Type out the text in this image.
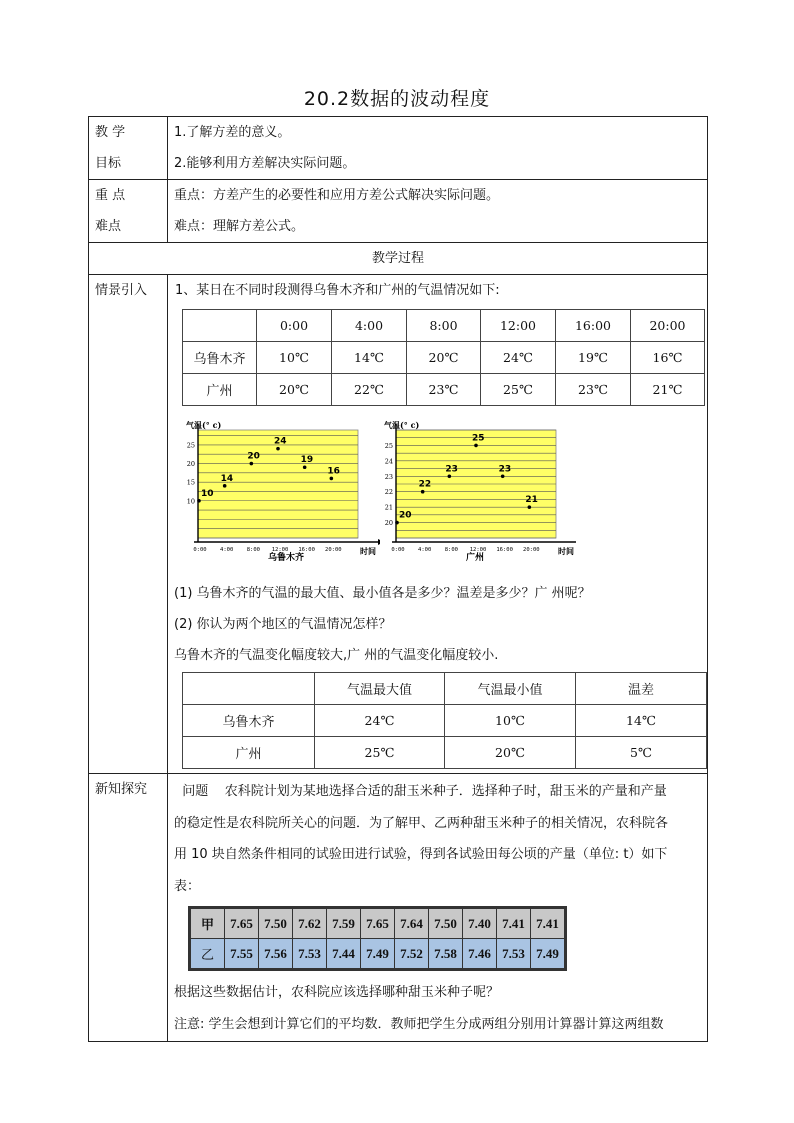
20.2数据的波动程度
教 学
目标

1.了解方差的意义。
2.能够利用方差解决实际问题。

重 点
难点

重点：方差产生的必要性和应用方差公式解决实际问题。
难点：理解方差公式。

教学过程

情景引入	1、某日在不同时段测得乌鲁木齐和广州的气温情况如下:
	0:00	4:00	8:00	12:00	16:00	20:00
乌鲁木齐	10℃	14℃	20℃	24℃	19℃	16℃
广州	20℃	22℃	23℃	25℃	23℃	21℃
气温(° c)
时间
乌鲁木齐
10
15
20
25
0:00 4:00 8:00 12:00 16:00 20:00
10
14
20
24
19
16
气温(° c)
时间
广州
20
21
22
23
24
25
0:00 4:00 8:00 12:00 16:00 20:00
20
22
23
25
23
21
(1) 乌鲁木齐的气温的最大值、最小值各是多少？温差是多少？广 州呢？
(2) 你认为两个地区的气温情况怎样？
乌鲁木齐的气温变化幅度较大,广 州的气温变化幅度较小.
	气温最大值	气温最小值	温差
乌鲁木齐	24℃	10℃	14℃
广州	25℃	20℃	5℃

新知探究	问题    农科院计划为某地选择合适的甜玉米种子．选择种子时，甜玉米的产量和产量
的稳定性是农科院所关心的问题．为了解甲、乙两种甜玉米种子的相关情况，农科院各
用 10 块自然条件相同的试验田进行试验，得到各试验田每公顷的产量（单位: t）如下
表：
甲	7.65	7.50	7.62	7.59	7.65	7.64	7.50	7.40	7.41	7.41
乙	7.55	7.56	7.53	7.44	7.49	7.52	7.58	7.46	7.53	7.49
根据这些数据估计，农科院应该选择哪种甜玉米种子呢？
注意: 学生会想到计算它们的平均数．教师把学生分成两组分别用计算器计算这两组数
